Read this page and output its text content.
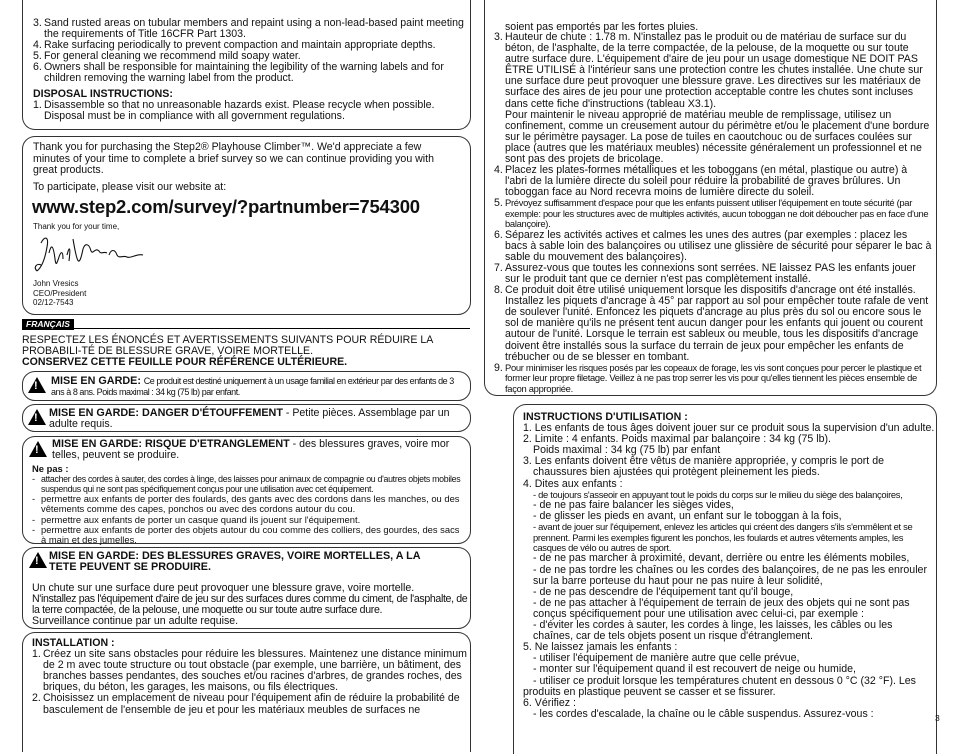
3. Sand rusted areas on tubular members and repaint using a non-lead-based paint meeting the requirements of Title 16CFR Part 1303.
4. Rake surfacing periodically to prevent compaction and maintain appropriate depths.
5. For general cleaning we recommend mild soapy water.
6. Owners shall be responsible for maintaining the legibility of the warning labels and for children removing the warning label from the product.
DISPOSAL INSTRUCTIONS:
1. Disassemble so that no unreasonable hazards exist. Please recycle when possible. Disposal must be in compliance with all government regulations.
Thank you for purchasing the Step2® Playhouse Climber™. We'd appreciate a few minutes of your time to complete a brief survey so we can continue providing you with great products.
To participate, please visit our website at:
www.step2.com/survey/?partnumber=754300
Thank you for your time,
John Vresics
CEO/President
02/12-7543
FRANÇAIS
RESPECTEZ LES ÉNONCÉS ET AVERTISSEMENTS SUIVANTS POUR RÉDUIRE LA PROBABILI-TÉ DE BLESSURE GRAVE, VOIRE MORTELLE.
CONSERVEZ CETTE FEUILLE POUR RÉFÉRENCE ULTÉRIEURE.
! MISE EN GARDE: Ce produit est destiné uniquement à un usage familial en extérieur par des enfants de 3 ans à 8 ans. Poids maximal : 34 kg (75 lb) par enfant.
! MISE EN GARDE: DANGER D'ÉTOUFFEMENT - Petite pièces. Assemblage par un adulte requis.
! MISE EN GARDE: RISQUE D'ETRANGLEMENT - des blessures graves, voire mor telles, peuvent se produire.
Ne pas :
- attacher des cordes à sauter, des cordes à linge, des laisses pour animaux de compagnie ou d'autres objets mobiles suspendus qui ne sont pas spécifiquement conçus pour une utilisation avec cet équipement.
- permettre aux enfants de porter des foulards, des gants avec des cordons dans les manches, ou des vêtements comme des capes, ponchos ou avec des cordons autour du cou.
- permettre aux enfants de porter un casque quand ils jouent sur l'équipement.
- permettre aux enfants de porter des objets autour du cou comme des colliers, des gourdes, des sacs à main et des jumelles.
! MISE EN GARDE: DES BLESSURES GRAVES, VOIRE MORTELLES, A LA TETE PEUVENT SE PRODUIRE.
Un chute sur une surface dure peut provoquer une blessure grave, voire mortelle.
N'installez pas l'équipement d'aire de jeu sur des surfaces dures comme du ciment, de l'asphalte, de la terre compactée, de la pelouse, une moquette ou sur toute autre surface dure.
Surveillance continue par un adulte requise.
INSTALLATION :
1. Créez un site sans obstacles pour réduire les blessures. Maintenez une distance minimum de 2 m avec toute structure ou tout obstacle (par exemple, une barrière, un bâtiment, des branches basses pendantes, des souches et/ou racines d'arbres, de grandes roches, des briques, du béton, les garages, les maisons, ou fils électriques.
2. Choisissez un emplacement de niveau pour l'équipement afin de réduire la probabilité de basculement de l'ensemble de jeu et pour les matériaux meubles de surfaces ne
soient pas emportés par les fortes pluies.
3. Hauteur de chute : 1.78 m. N'installez pas le produit ou de matériau de surface sur du béton, de l'asphalte, de la terre compactée, de la pelouse, de la moquette ou sur toute autre surface dure. L'équipement d'aire de jeu pour un usage domestique NE DOIT PAS ÊTRE UTILISÉ à l'intérieur sans une protection contre les chutes installée. Une chute sur une surface dure peut provoquer une blessure grave. Les directives sur les matériaux de surface des aires de jeu pour une protection acceptable contre les chutes sont incluses dans cette fiche d'instructions (tableau X3.1).
Pour maintenir le niveau approprié de matériau meuble de remplissage, utilisez un confinement, comme un creusement autour du périmètre et/ou le placement d'une bordure sur le périmètre paysager. La pose de tuiles en caoutchouc ou de surfaces coulées sur place (autres que les matériaux meubles) nécessite généralement un professionnel et ne sont pas des projets de bricolage.
4. Placez les plates-formes métalliques et les toboggans (en métal, plastique ou autre) à l'abri de la lumière directe du soleil pour réduire la probabilité de graves brûlures. Un toboggan face au Nord recevra moins de lumière directe du soleil.
5. Prévoyez suffisamment d'espace pour que les enfants puissent utiliser l'équipement en toute sécurité (par exemple: pour les structures avec de multiples activités, aucun toboggan ne doit déboucher pas en face d'une balançoire).
6. Séparez les activités actives et calmes les unes des autres (par exemples : placez les bacs à sable loin des balançoires ou utilisez une glissière de sécurité pour séparer le bac à sable du mouvement des balançoires).
7. Assurez-vous que toutes les connexions sont serrées. NE laissez PAS les enfants jouer sur le produit tant que ce dernier n'est pas complètement installé.
8. Ce produit doit être utilisé uniquement lorsque les dispositifs d'ancrage ont été installés. Installez les piquets d'ancrage à 45° par rapport au sol pour empêcher toute rafale de vent de soulever l'unité. Enfoncez les piquets d'ancrage au plus près du sol ou encore sous le sol de manière qu'ils ne présent tent aucun danger pour les enfants qui jouent ou courent autour de l'unité. Lorsque le terrain est sableux ou meuble, tous les dispositifs d'ancrage doivent être installés sous la surface du terrain de jeux pour empêcher les enfants de trébucher ou de se blesser en tombant.
9. Pour minimiser les risques posés par les copeaux de forage, les vis sont conçues pour percer le plastique et former leur propre filetage. Veillez à ne pas trop serrer les vis pour qu'elles tiennent les pièces ensemble de façon appropriée.
INSTRUCTIONS D'UTILISATION :
1. Les enfants de tous âges doivent jouer sur ce produit sous la supervision d'un adulte.
2. Limite : 4 enfants. Poids maximal par balançoire : 34 kg (75 lb).
Poids maximal : 34 kg (75 lb) par enfant
3. Les enfants doivent être vêtus de manière appropriée, y compris le port de chaussures bien ajustées qui protègent pleinement les pieds.
4. Dites aux enfants :
- de toujours s'asseoir en appuyant tout le poids du corps sur le milieu du siège des balançoires,
- de ne pas faire balancer les sièges vides,
- de glisser les pieds en avant, un enfant sur le toboggan à la fois,
- avant de jouer sur l'équipement, enlevez les articles qui créent des dangers s'ils s'emmêlent et se prennent. Parmi les exemples figurent les ponchos, les foulards et autres vêtements amples, les casques de vélo ou autres de sport.
- de ne pas marcher à proximité, devant, derrière ou entre les éléments mobiles,
- de ne pas tordre les chaînes ou les cordes des balançoires, de ne pas les enrouler sur la barre porteuse du haut pour ne pas nuire à leur solidité,
- de ne pas descendre de l'équipement tant qu'il bouge,
- de ne pas attacher à l'équipement de terrain de jeux des objets qui ne sont pas conçus spécifiquement pour une utilisation avec celui-ci, par exemple :
- d'éviter les cordes à sauter, les cordes à linge, les laisses, les câbles ou les chaînes, car de tels objets posent un risque d'étranglement.
5. Ne laissez jamais les enfants :
- utiliser l'équipement de manière autre que celle prévue,
- monter sur l'équipement quand il est recouvert de neige ou humide,
- utiliser ce produit lorsque les températures chutent en dessous 0 °C (32 °F). Les produits en plastique peuvent se casser et se fissurer.
6. Vérifiez :
- les cordes d'escalade, la chaîne ou le câble suspendus. Assurez-vous :	3
